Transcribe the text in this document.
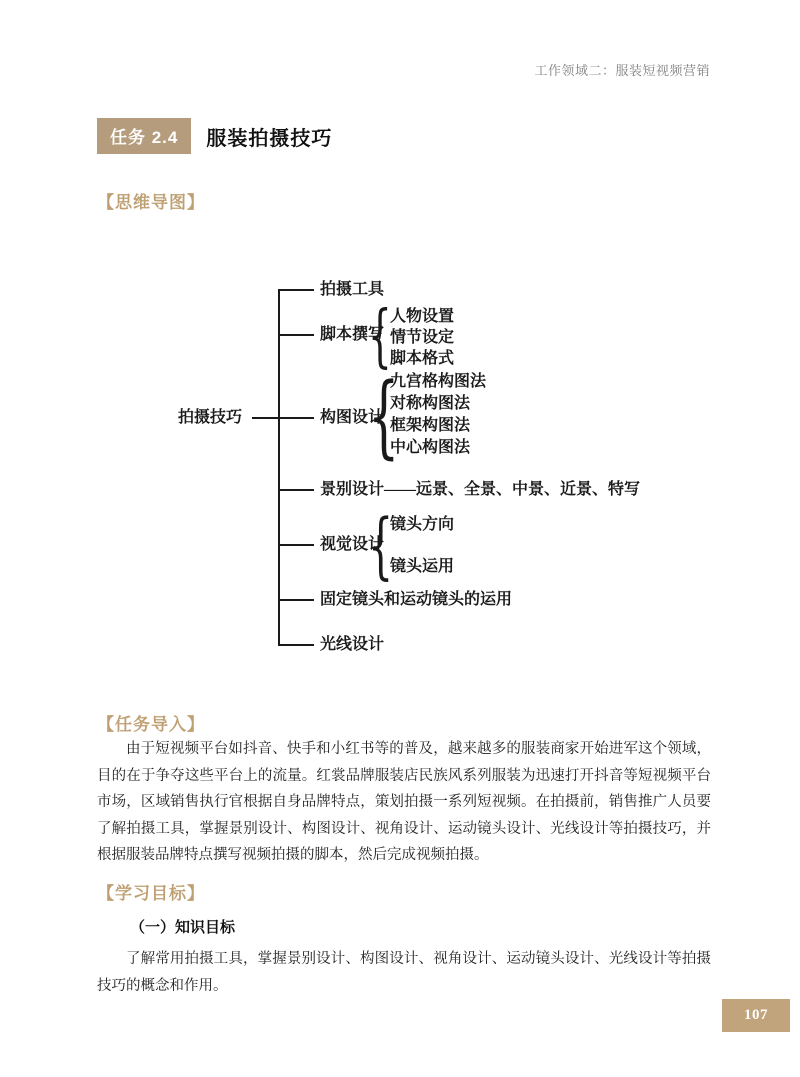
工作领域二：服装短视频营销
任务 2.4	服装拍摄技巧
【思维导图】
拍摄技巧
拍摄工具
脚本撰写
{
人物设置
情节设定
脚本格式
构图设计
{
九宫格构图法
对称构图法
框架构图法
中心构图法
景别设计——远景、全景、中景、近景、特写
视觉设计
{
镜头方向
镜头运用
固定镜头和运动镜头的运用
光线设计
【任务导入】
由于短视频平台如抖音、快手和小红书等的普及，越来越多的服装商家开始进军这个领域，目的在于争夺这些平台上的流量。红裳品牌服装店民族风系列服装为迅速打开抖音等短视频平台市场，区域销售执行官根据自身品牌特点，策划拍摄一系列短视频。在拍摄前，销售推广人员要了解拍摄工具，掌握景别设计、构图设计、视角设计、运动镜头设计、光线设计等拍摄技巧，并根据服装品牌特点撰写视频拍摄的脚本，然后完成视频拍摄。
【学习目标】
（一）知识目标
了解常用拍摄工具，掌握景别设计、构图设计、视角设计、运动镜头设计、光线设计等拍摄技巧的概念和作用。
107
